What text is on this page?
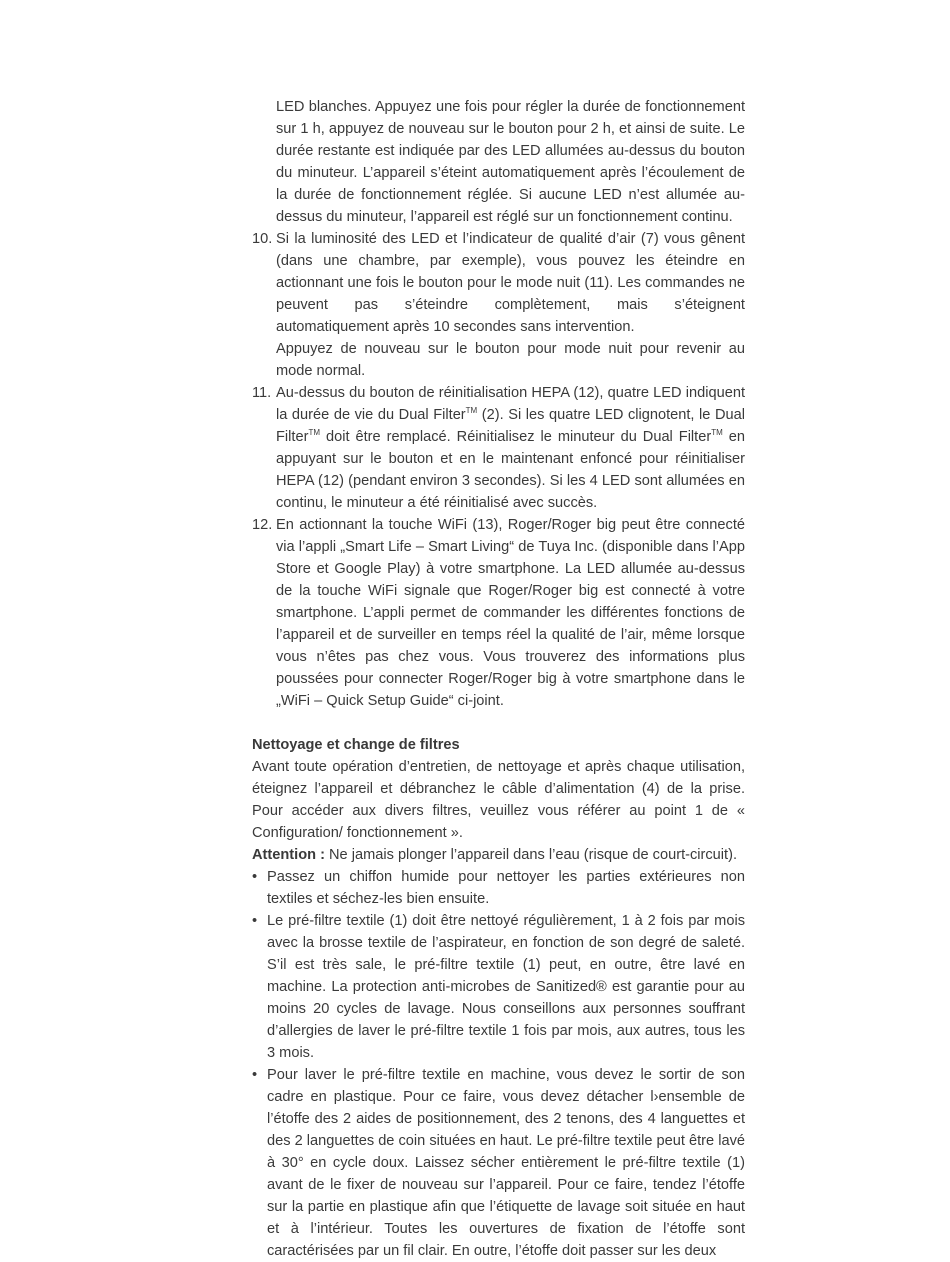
LED blanches. Appuyez une fois pour régler la durée de fonctionnement sur 1 h, appuyez de nouveau sur le bouton pour 2 h, et ainsi de suite. Le durée restante est indiquée par des LED allumées au-dessus du bouton du minuteur. L’appareil s’éteint automatiquement après l’écoulement de la durée de fonctionnement réglée. Si aucune LED n’est allumée au-dessus du minuteur, l’appareil est réglé sur un fonctionnement continu.

10. Si la luminosité des LED et l’indicateur de qualité d’air (7) vous gênent (dans une chambre, par exemple), vous pouvez les éteindre en actionnant une fois le bouton pour le mode nuit (11). Les commandes ne peuvent pas s’éteindre complètement, mais s’éteignent automatiquement après 10 secondes sans intervention.

Appuyez de nouveau sur le bouton pour mode nuit pour revenir au mode normal.

11. Au-dessus du bouton de réinitialisation HEPA (12), quatre LED indiquent la durée de vie du Dual Filter™ (2). Si les quatre LED clignotent, le Dual Filter™ doit être remplacé. Réinitialisez le minuteur du Dual Filter™ en appuyant sur le bouton et en le maintenant enfoncé pour réinitialiser HEPA (12) (pendant environ 3 secondes). Si les 4 LED sont allumées en continu, le minuteur a été réinitialisé avec succès.

12. En actionnant la touche WiFi (13), Roger/Roger big peut être connecté via l’appli „Smart Life – Smart Living“ de Tuya Inc. (disponible dans l’App Store et Google Play) à votre smartphone. La LED allumée au-dessus de la touche WiFi signale que Roger/Roger big est connecté à votre smartphone. L’appli permet de commander les différentes fonctions de l’appareil et de surveiller en temps réel la qualité de l’air, même lorsque vous n’êtes pas chez vous. Vous trouverez des informations plus poussées pour connecter Roger/Roger big à votre smartphone dans le „WiFi – Quick Setup Guide“ ci-joint.

Nettoyage et change de filtres

Avant toute opération d’entretien, de nettoyage et après chaque utilisation, éteignez l’appareil et débranchez le câble d’alimentation (4) de la prise. Pour accéder aux divers filtres, veuillez vous référer au point 1 de « Configuration/ fonctionnement ».

Attention : Ne jamais plonger l’appareil dans l’eau (risque de court-circuit).

• Passez un chiffon humide pour nettoyer les parties extérieures non textiles et séchez-les bien ensuite.

• Le pré-filtre textile (1) doit être nettoyé régulièrement, 1 à 2 fois par mois avec la brosse textile de l’aspirateur, en fonction de son degré de saleté. S’il est très sale, le pré-filtre textile (1) peut, en outre, être lavé en machine. La protection anti-microbes de Sanitized® est garantie pour au moins 20 cycles de lavage. Nous conseillons aux personnes souffrant d’allergies de laver le pré-filtre textile 1 fois par mois, aux autres, tous les 3 mois.

• Pour laver le pré-filtre textile en machine, vous devez le sortir de son cadre en plastique. Pour ce faire, vous devez détacher l›ensemble de l’étoffe des 2 aides de positionnement, des 2 tenons, des 4 languettes et des 2 languettes de coin situées en haut. Le pré-filtre textile peut être lavé à 30° en cycle doux. Laissez sécher entièrement le pré-filtre textile (1) avant de le fixer de nouveau sur l’appareil. Pour ce faire, tendez l’étoffe sur la partie en plastique afin que l’étiquette de lavage soit située en haut et à l’intérieur. Toutes les ouvertures de fixation de l’étoffe sont caractérisées par un fil clair. En outre, l’étoffe doit passer sur les deux
